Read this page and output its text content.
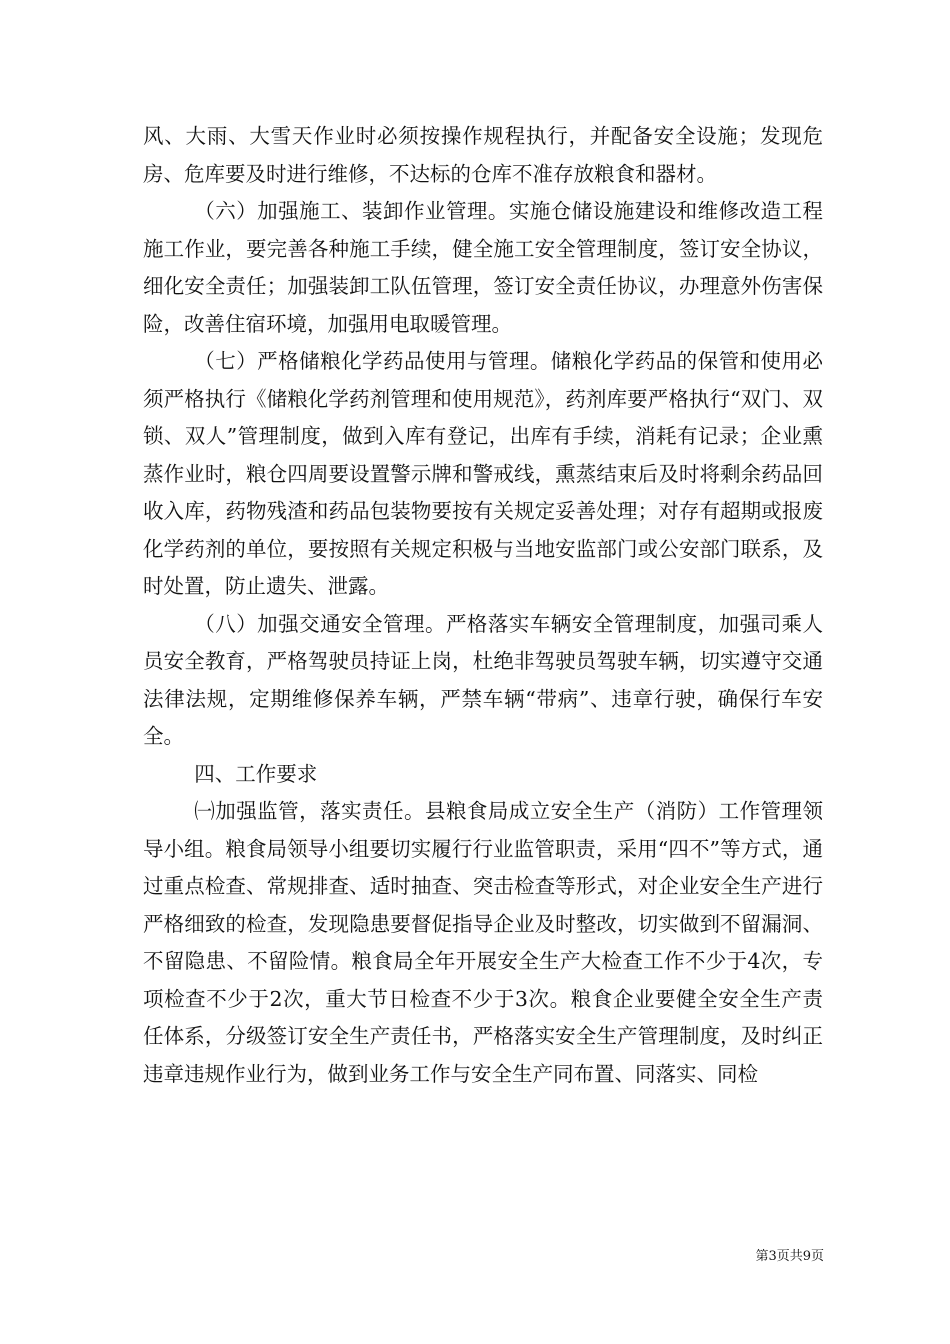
风、大雨、大雪天作业时必须按操作规程执行，并配备安全设施；发现危房、危库要及时进行维修，不达标的仓库不准存放粮食和器材。

（六）加强施工、装卸作业管理。实施仓储设施建设和维修改造工程施工作业，要完善各种施工手续，健全施工安全管理制度，签订安全协议，细化安全责任；加强装卸工队伍管理，签订安全责任协议，办理意外伤害保险，改善住宿环境，加强用电取暖管理。

（七）严格储粮化学药品使用与管理。储粮化学药品的保管和使用必须严格执行《储粮化学药剂管理和使用规范》，药剂库要严格执行“双门、双锁、双人”管理制度，做到入库有登记，出库有手续，消耗有记录；企业熏蒸作业时，粮仓四周要设置警示牌和警戒线，熏蒸结束后及时将剩余药品回收入库，药物残渣和药品包装物要按有关规定妥善处理；对存有超期或报废化学药剂的单位，要按照有关规定积极与当地安监部门或公安部门联系，及时处置，防止遗失、泄露。

（八）加强交通安全管理。严格落实车辆安全管理制度，加强司乘人员安全教育，严格驾驶员持证上岗，杜绝非驾驶员驾驶车辆，切实遵守交通法律法规，定期维修保养车辆，严禁车辆“带病”、违章行驶，确保行车安全。

四、工作要求

㈠加强监管，落实责任。县粮食局成立安全生产（消防）工作管理领导小组。粮食局领导小组要切实履行行业监管职责，采用“四不”等方式，通过重点检查、常规排查、适时抽查、突击检查等形式，对企业安全生产进行严格细致的检查，发现隐患要督促指导企业及时整改，切实做到不留漏洞、不留隐患、不留险情。粮食局全年开展安全生产大检查工作不少于4次，专项检查不少于2次，重大节日检查不少于3次。粮食企业要健全安全生产责任体系，分级签订安全生产责任书，严格落实安全生产管理制度，及时纠正违章违规作业行为，做到业务工作与安全生产同布置、同落实、同检

第3页共9页
